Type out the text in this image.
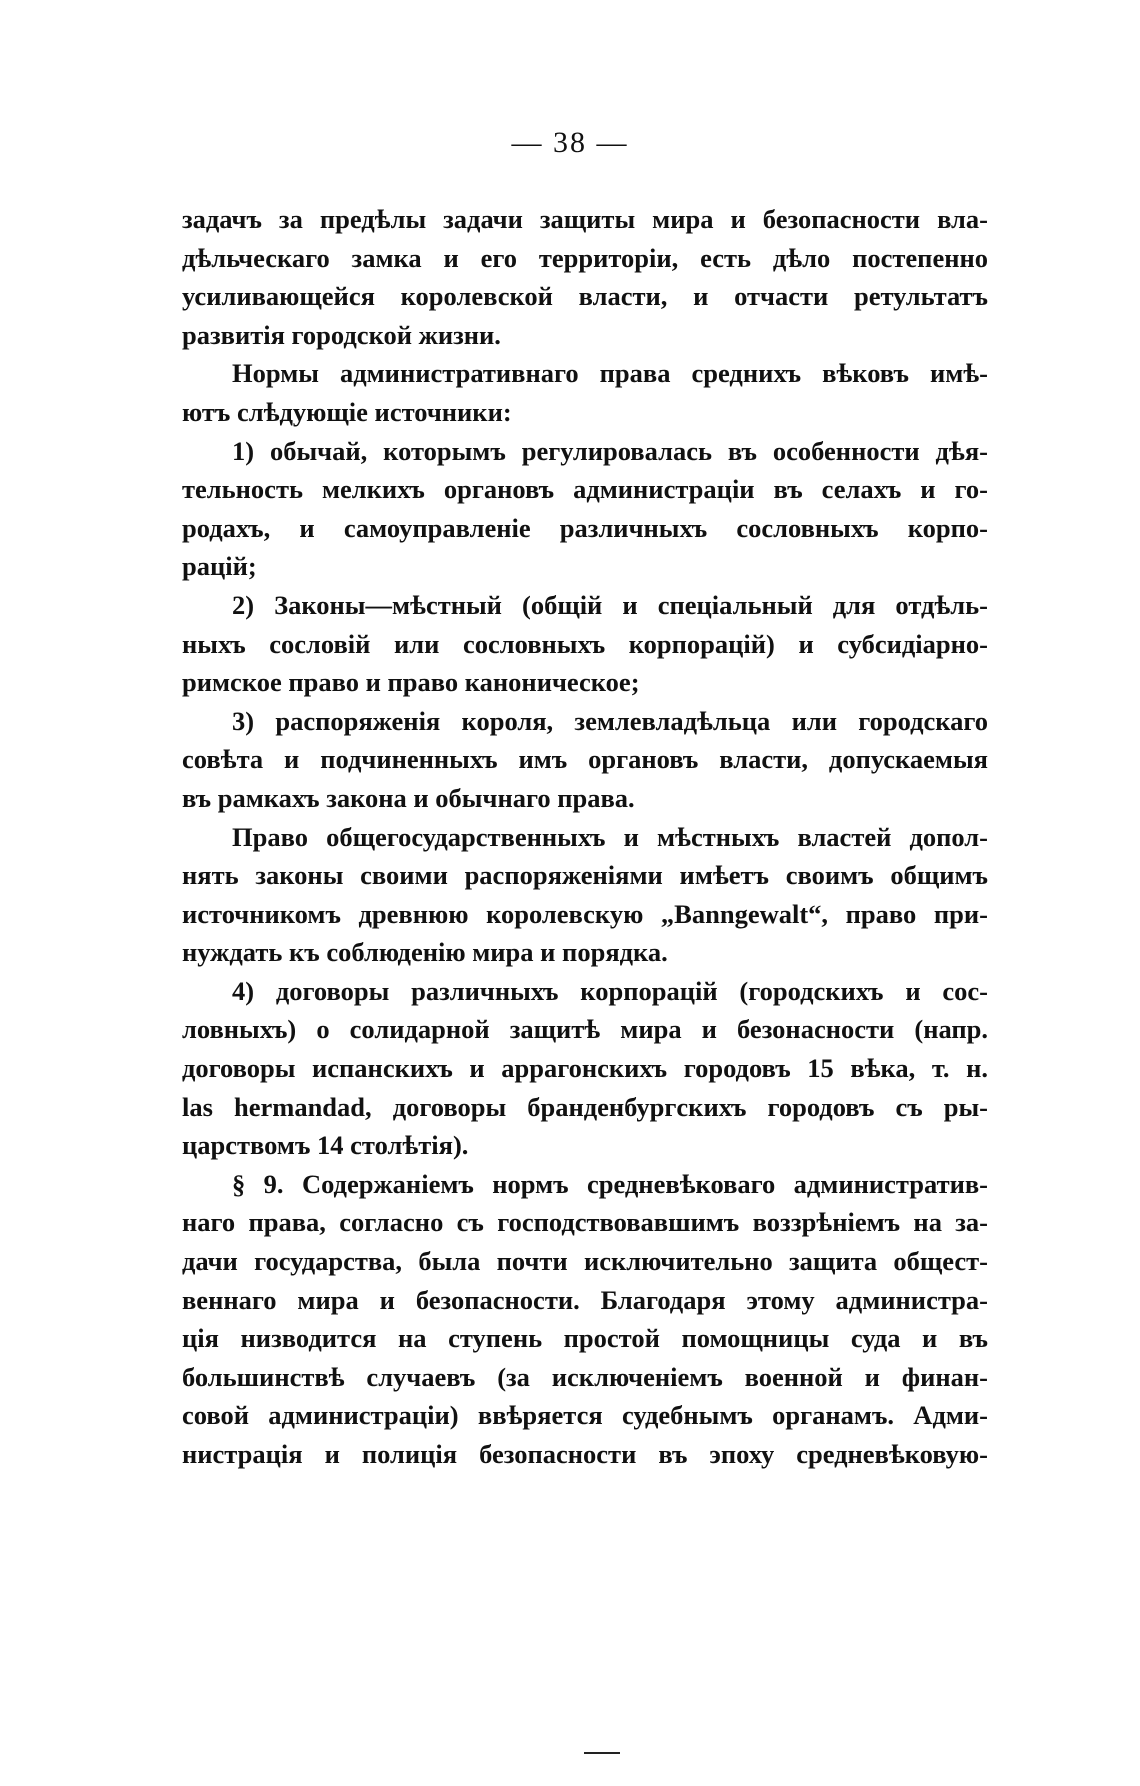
— 38 —
задачъ за предѣлы задачи защиты мира и безопасности вла-
дѣльческаго замка и его территоріи, есть дѣло постепенно
усиливающейся королевской власти, и отчасти ретультатъ
развитія городской жизни.
Нормы административнаго права среднихъ вѣковъ имѣ-
ютъ слѣдующіе источники:
1) обычай, которымъ регулировалась въ особенности дѣя-
тельность мелкихъ органовъ администраціи въ селахъ и го-
родахъ, и самоуправленіе различныхъ сословныхъ корпо-
рацій;
2) Законы—мѣстный (общій и спеціальный для отдѣль-
ныхъ сословій или сословныхъ корпорацій) и субсидіарно-
римское право и право каноническое;
3) распоряженія короля, землевладѣльца или городскаго
совѣта и подчиненныхъ имъ органовъ власти, допускаемыя
въ рамкахъ закона и обычнаго права.
Право общегосударственныхъ и мѣстныхъ властей допол-
нять законы своими распоряженіями имѣетъ своимъ общимъ
источникомъ древнюю королевскую „Banngewalt“, право при-
нуждать къ соблюденію мира и порядка.
4) договоры различныхъ корпорацій (городскихъ и сос-
ловныхъ) о солидарной защитѣ мира и безонасности (напр.
договоры испанскихъ и аррагонскихъ городовъ 15 вѣка, т. н.
las hermandad, договоры бранденбургскихъ городовъ съ ры-
царствомъ 14 столѣтія).
§ 9. Содержаніемъ нормъ средневѣковаго административ-
наго права, согласно съ господствовавшимъ воззрѣніемъ на за-
дачи государства, была почти исключительно защита общест-
веннаго мира и безопасности. Благодаря этому администра-
ція низводится на ступень простой помощницы суда и въ
большинствѣ случаевъ (за исключеніемъ военной и финан-
совой администраціи) ввѣряется судебнымъ органамъ. Адми-
нистрація и полиція безопасности въ эпоху средневѣковую-
